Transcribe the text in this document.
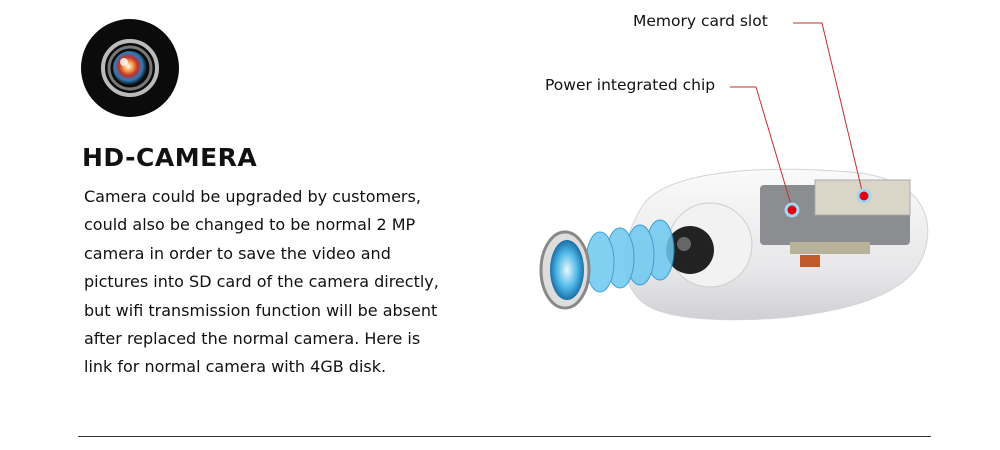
HD-CAMERA
Camera could be upgraded by customers,
could also be changed to be normal 2 MP
camera in order to save the video and
pictures into SD card of the camera directly,
but wifi transmission function will be absent
after replaced the normal camera. Here is
link for normal camera with 4GB disk.
Memory card slot
Power integrated chip
